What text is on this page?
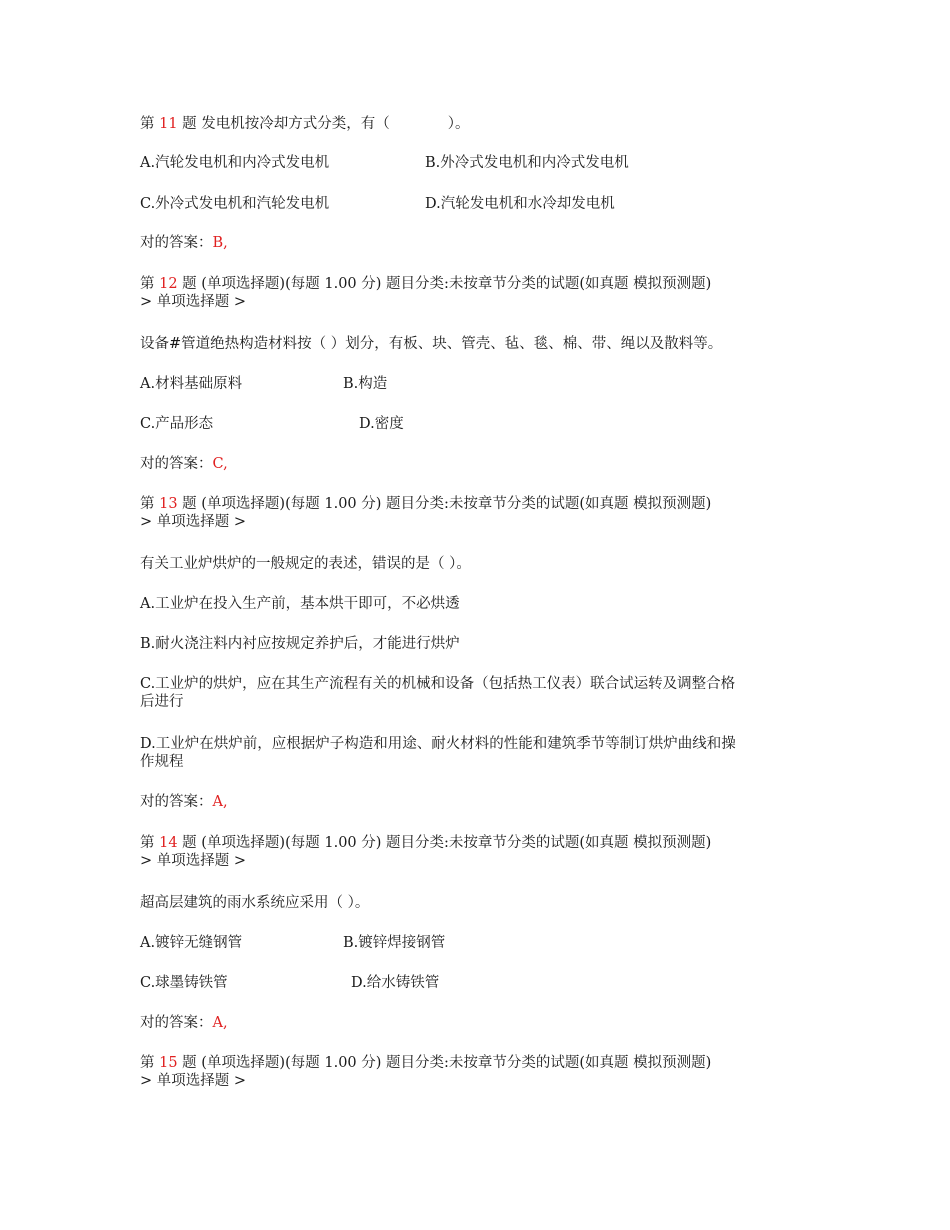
第 11 题 发电机按冷却方式分类，有（　　　　）。
A.汽轮发电机和内冷式发电机	B.外冷式发电机和内冷式发电机
C.外冷式发电机和汽轮发电机	D.汽轮发电机和水冷却发电机
对的答案：B,
第 12 题 (单项选择题)(每题 1.00 分) 题目分类:未按章节分类的试题(如真题 模拟预测题)
> 单项选择题 >
设备#管道绝热构造材料按（ ）划分，有板、块、管壳、毡、毯、棉、带、绳以及散料等。
A.材料基础原料	B.构造
C.产品形态	D.密度
对的答案：C,
第 13 题 (单项选择题)(每题 1.00 分) 题目分类:未按章节分类的试题(如真题 模拟预测题)
> 单项选择题 >
有关工业炉烘炉的一般规定的表述，错误的是（ ）。
A.工业炉在投入生产前，基本烘干即可，不必烘透
B.耐火浇注料内衬应按规定养护后，才能进行烘炉
C.工业炉的烘炉，应在其生产流程有关的机械和设备（包括热工仪表）联合试运转及调整合格
后进行
D.工业炉在烘炉前，应根据炉子构造和用途、耐火材料的性能和建筑季节等制订烘炉曲线和操
作规程
对的答案：A,
第 14 题 (单项选择题)(每题 1.00 分) 题目分类:未按章节分类的试题(如真题 模拟预测题)
> 单项选择题 >
超高层建筑的雨水系统应采用（ ）。
A.镀锌无缝钢管	B.镀锌焊接钢管
C.球墨铸铁管	D.给水铸铁管
对的答案：A,
第 15 题 (单项选择题)(每题 1.00 分) 题目分类:未按章节分类的试题(如真题 模拟预测题)
> 单项选择题 >
